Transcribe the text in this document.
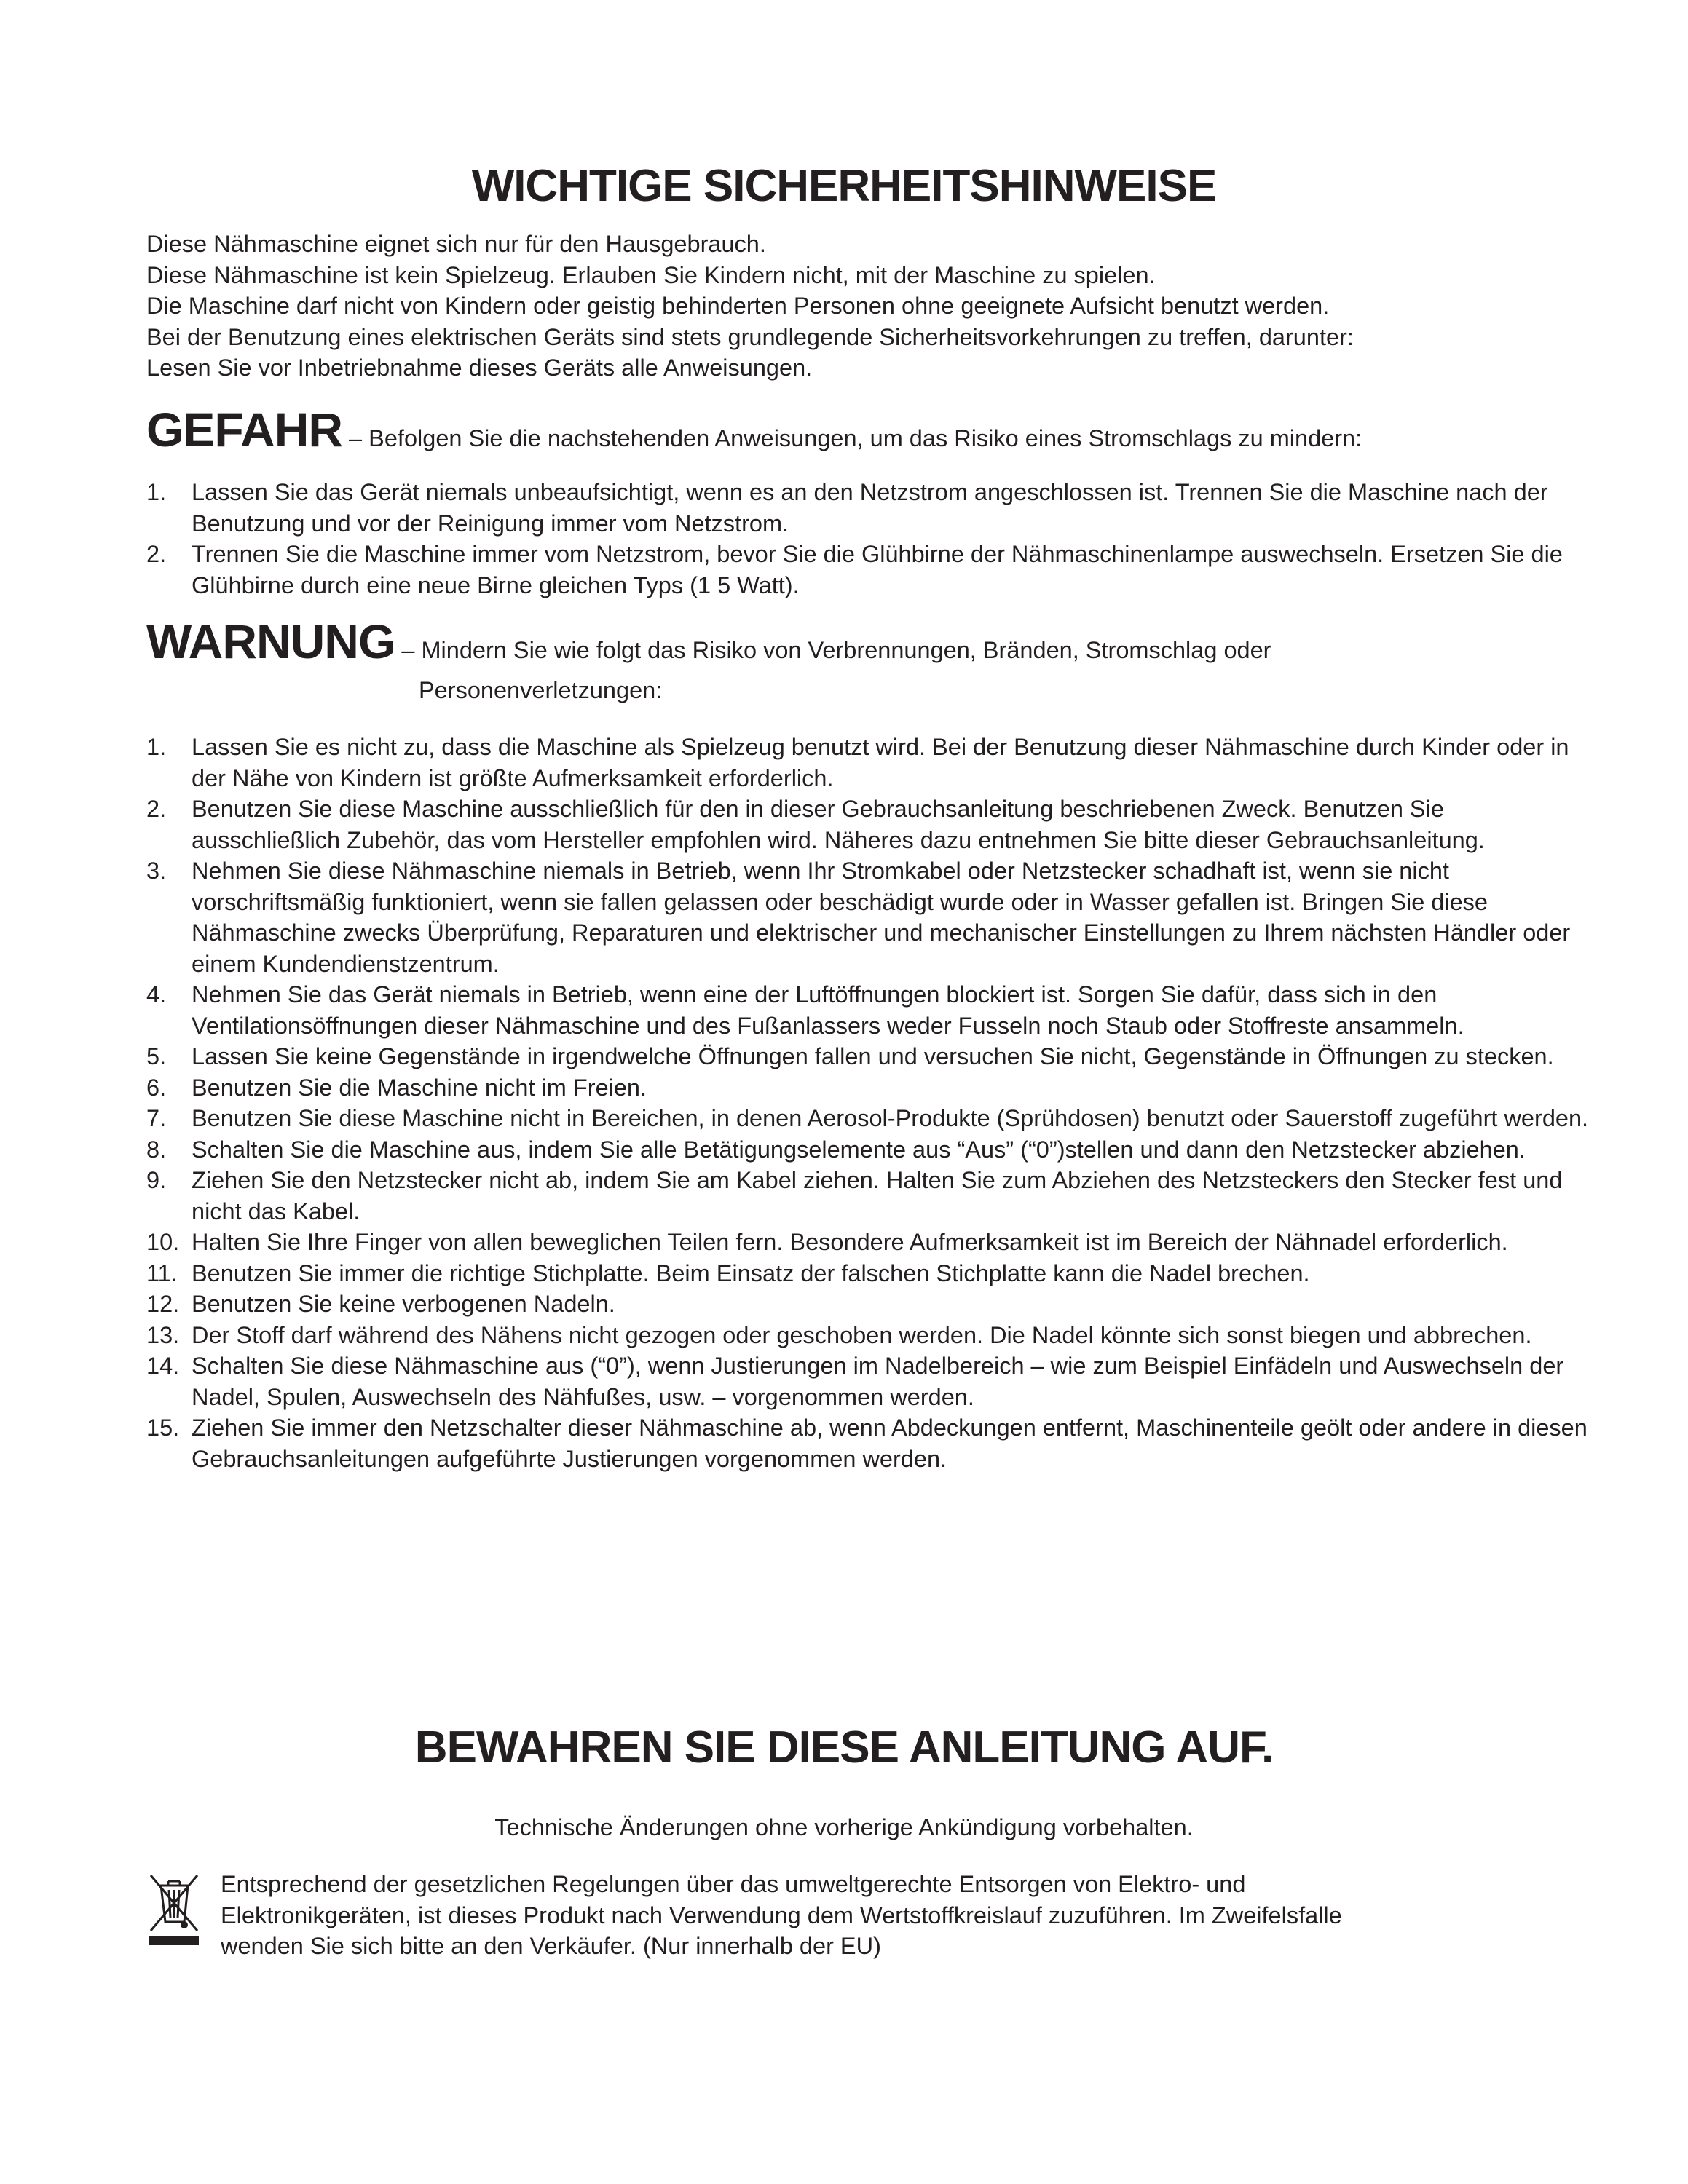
WICHTIGE SICHERHEITSHINWEISE
Diese Nähmaschine eignet sich nur für den Hausgebrauch.
Diese Nähmaschine ist kein Spielzeug. Erlauben Sie Kindern nicht, mit der Maschine zu spielen.
Die Maschine darf nicht von Kindern oder geistig behinderten Personen ohne geeignete Aufsicht benutzt werden.
Bei der Benutzung eines elektrischen Geräts sind stets grundlegende Sicherheitsvorkehrungen zu treffen, darunter:
Lesen Sie vor Inbetriebnahme dieses Geräts alle Anweisungen.
GEFAHR – Befolgen Sie die nachstehenden Anweisungen, um das Risiko eines Stromschlags zu mindern:
1. Lassen Sie das Gerät niemals unbeaufsichtigt, wenn es an den Netzstrom angeschlossen ist. Trennen Sie die Maschine nach der Benutzung und vor der Reinigung immer vom Netzstrom.
2. Trennen Sie die Maschine immer vom Netzstrom, bevor Sie die Glühbirne der Nähmaschinenlampe auswechseln. Ersetzen Sie die Glühbirne durch eine neue Birne gleichen Typs (1 5 Watt).
WARNUNG – Mindern Sie wie folgt das Risiko von Verbrennungen, Bränden, Stromschlag oder
Personenverletzungen:
1. Lassen Sie es nicht zu, dass die Maschine als Spielzeug benutzt wird. Bei der Benutzung dieser Nähmaschine durch Kinder oder in der Nähe von Kindern ist größte Aufmerksamkeit erforderlich.
2. Benutzen Sie diese Maschine ausschließlich für den in dieser Gebrauchsanleitung beschriebenen Zweck. Benutzen Sie ausschließlich Zubehör, das vom Hersteller empfohlen wird. Näheres dazu entnehmen Sie bitte dieser Gebrauchsanleitung.
3. Nehmen Sie diese Nähmaschine niemals in Betrieb, wenn Ihr Stromkabel oder Netzstecker schadhaft ist, wenn sie nicht vorschriftsmäßig funktioniert, wenn sie fallen gelassen oder beschädigt wurde oder in Wasser gefallen ist. Bringen Sie diese Nähmaschine zwecks Überprüfung, Reparaturen und elektrischer und mechanischer Einstellungen zu Ihrem nächsten Händler oder einem Kundendienstzentrum.
4. Nehmen Sie das Gerät niemals in Betrieb, wenn eine der Luftöffnungen blockiert ist. Sorgen Sie dafür, dass sich in den Ventilationsöffnungen dieser Nähmaschine und des Fußanlassers weder Fusseln noch Staub oder Stoffreste ansammeln.
5. Lassen Sie keine Gegenstände in irgendwelche Öffnungen fallen und versuchen Sie nicht, Gegenstände in Öffnungen zu stecken.
6. Benutzen Sie die Maschine nicht im Freien.
7. Benutzen Sie diese Maschine nicht in Bereichen, in denen Aerosol-Produkte (Sprühdosen) benutzt oder Sauerstoff zugeführt werden.
8. Schalten Sie die Maschine aus, indem Sie alle Betätigungselemente aus “Aus” (“0”)stellen und dann den Netzstecker abziehen.
9. Ziehen Sie den Netzstecker nicht ab, indem Sie am Kabel ziehen. Halten Sie zum Abziehen des Netzsteckers den Stecker fest und nicht das Kabel.
10. Halten Sie Ihre Finger von allen beweglichen Teilen fern. Besondere Aufmerksamkeit ist im Bereich der Nähnadel erforderlich.
11. Benutzen Sie immer die richtige Stichplatte. Beim Einsatz der falschen Stichplatte kann die Nadel brechen.
12. Benutzen Sie keine verbogenen Nadeln.
13. Der Stoff darf während des Nähens nicht gezogen oder geschoben werden. Die Nadel könnte sich sonst biegen und abbrechen.
14. Schalten Sie diese Nähmaschine aus (“0”), wenn Justierungen im Nadelbereich – wie zum Beispiel Einfädeln und Auswechseln der Nadel, Spulen, Auswechseln des Nähfußes, usw. – vorgenommen werden.
15. Ziehen Sie immer den Netzschalter dieser Nähmaschine ab, wenn Abdeckungen entfernt, Maschinenteile geölt oder andere in diesen Gebrauchsanleitungen aufgeführte Justierungen vorgenommen werden.
BEWAHREN SIE DIESE ANLEITUNG AUF.
Technische Änderungen ohne vorherige Ankündigung vorbehalten.
Entsprechend der gesetzlichen Regelungen über das umweltgerechte Entsorgen von Elektro- und
Elektronikgeräten, ist dieses Produkt nach Verwendung dem Wertstoffkreislauf zuzuführen. Im Zweifelsfalle
wenden Sie sich bitte an den Verkäufer. (Nur innerhalb der EU)
